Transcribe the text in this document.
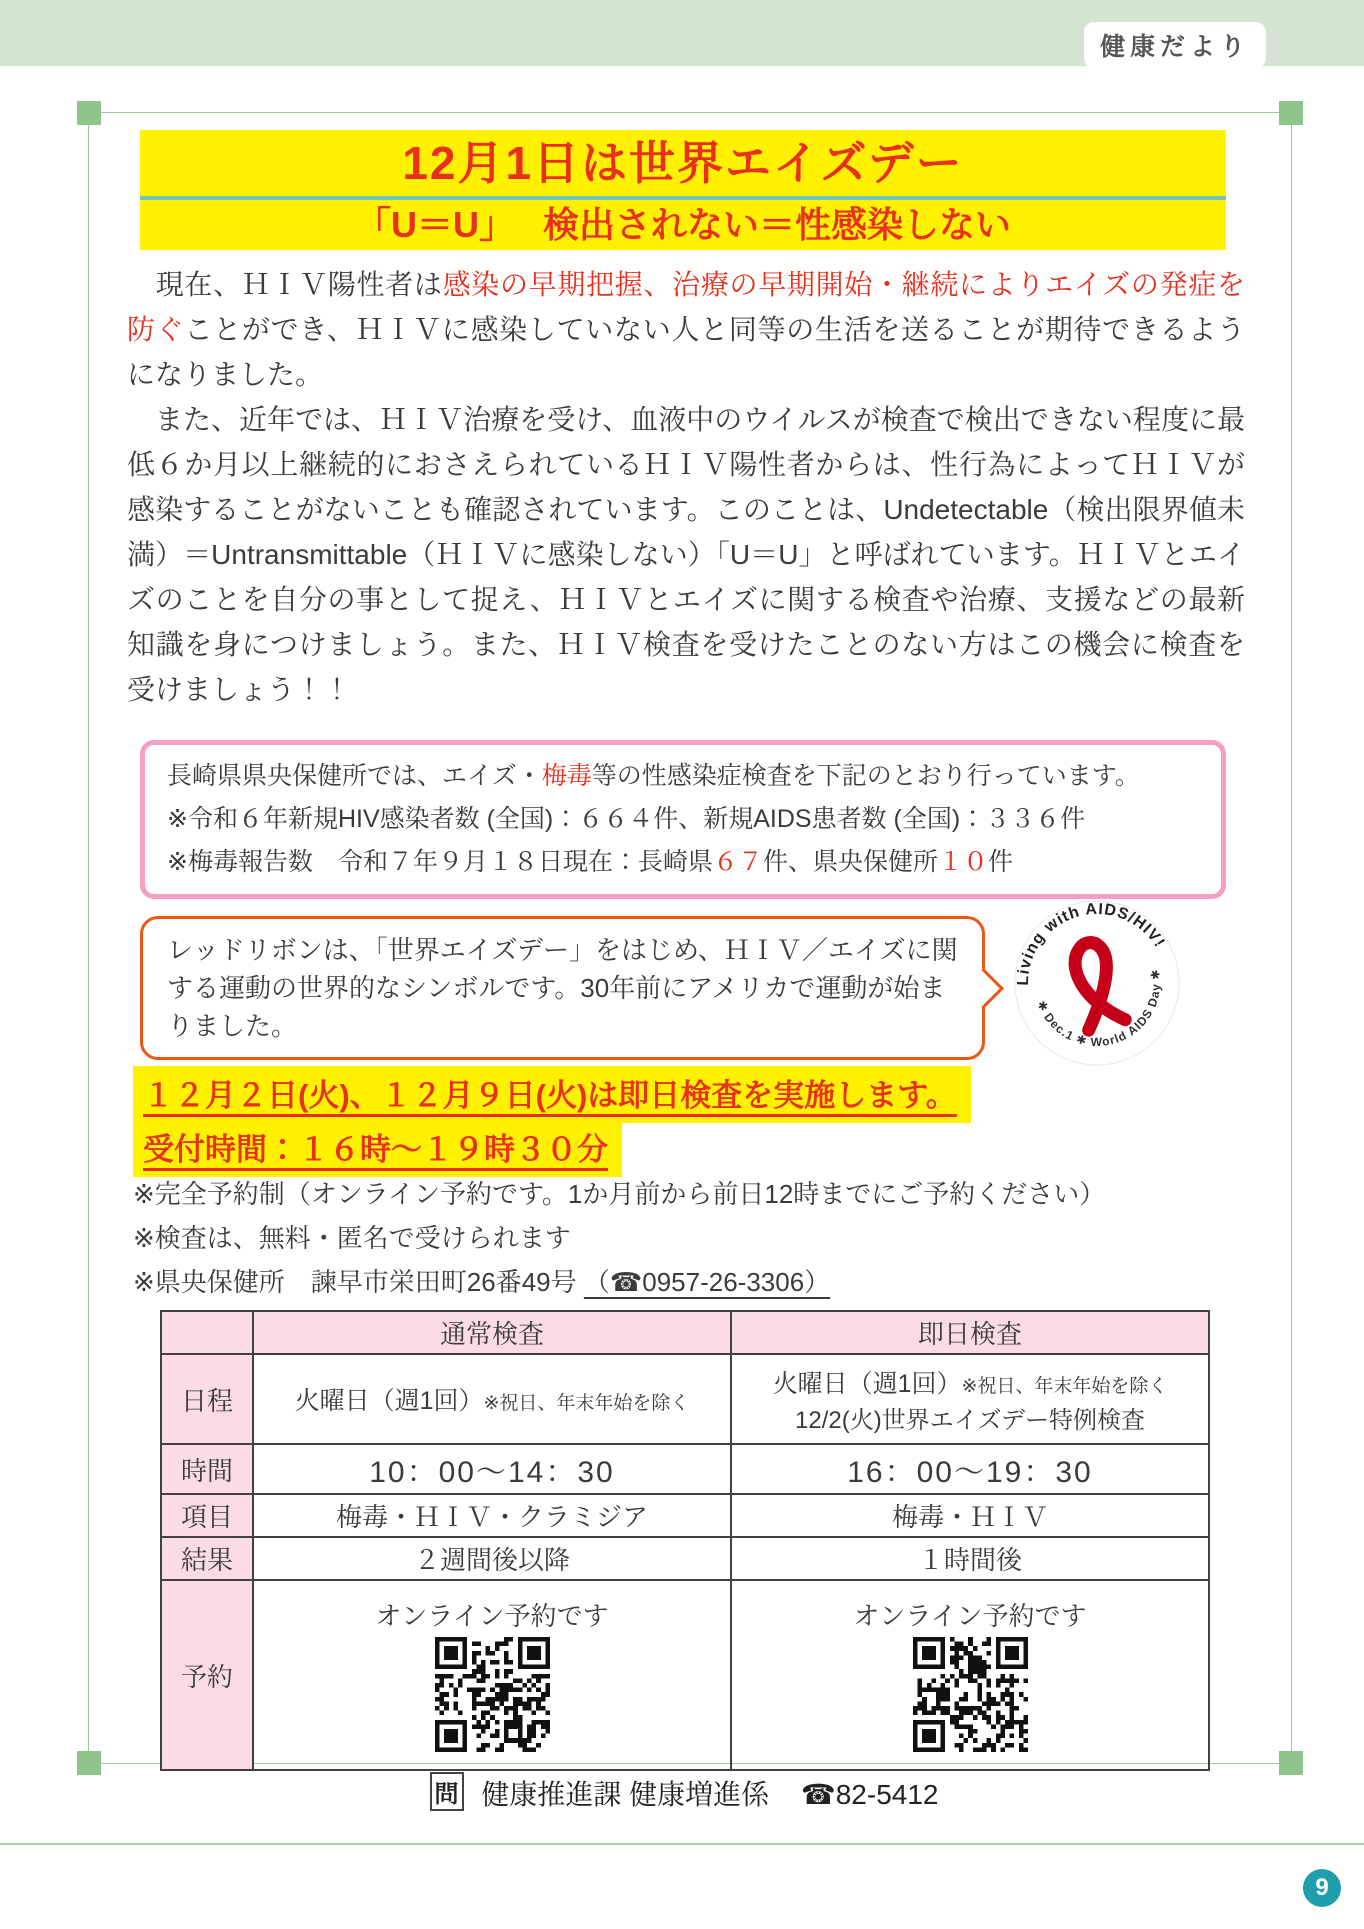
健康だより
12月1日は世界エイズデー
「U＝U」　 検出されない＝性感染しない

　現在、ＨＩＶ陽性者は感染の早期把握、治療の早期開始・継続によりエイズの発症を防ぐことができ、ＨＩＶに感染していない人と同等の生活を送ることが期待できるようになりました。

　また、近年では、ＨＩＶ治療を受け、血液中のウイルスが検査で検出できない程度に最低６か月以上継続的におさえられているＨＩＶ陽性者からは、性行為によってＨＩＶが感染することがないことも確認されています。このことは、Undetectable（検出限界値未満）＝Untransmittable（ＨＩＶに感染しない）「U＝U」と呼ばれています。ＨＩＶとエイズのことを自分の事として捉え、ＨＩＶとエイズに関する検査や治療、支援などの最新知識を身につけましょう。また、ＨＩＶ検査を受けたことのない方はこの機会に検査を受けましょう！！

長崎県県央保健所では、エイズ・梅毒等の性感染症検査を下記のとおり行っています。
※令和６年新規HIV感染者数 (全国)：６６４件、新規AIDS患者数 (全国)：３３６件
※梅毒報告数　令和７年９月１８日現在：長崎県６７件、県央保健所１０件
レッドリボンは、「世界エイズデー」をはじめ、ＨＩＶ／エイズに関する運動の世界的なシンボルです。30年前にアメリカで運動が始まりました。
Living with AIDS/HIV!
✱ Dec.1 ✱ World AIDS Day ✱
１２月２日(火)、１２月９日(火)は即日検査を実施します。
受付時間：１６時～１９時３０分
※完全予約制（オンライン予約です。1か月前から前日12時までにご予約ください）
※検査は、無料・匿名で受けられます
※県央保健所　諫早市栄田町26番49号 （☎0957-26-3306）
	通常検査	即日検査
日程	火曜日（週1回）※祝日、年末年始を除く	火曜日（週1回）※祝日、年末年始を除く
12/2(火)世界エイズデー特例検査

時間	10：00～14：30	16：00～19：30
項目	梅毒・ＨＩＶ・クラミジア	梅毒・ＨＩＶ
結果	２週間後以降	１時間後
予約	オンライン予約です	オンライン予約です
問 健康推進課 健康増進係 ☎82-5412
9
